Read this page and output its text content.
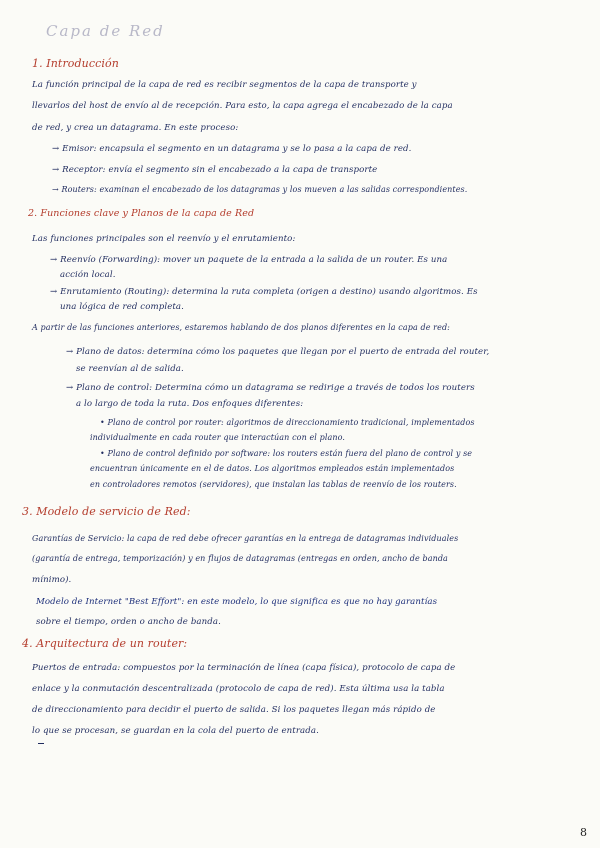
Capa de Red
1. Introducción
La función principal de la capa de red es recibir segmentos de la capa de transporte y
llevarlos del host de envío al de recepción. Para esto, la capa agrega el encabezado de la capa
de red, y crea un datagrama. En este proceso:
→ Emisor: encapsula el segmento en un datagrama y se lo pasa a la capa de red.
→ Receptor: envía el segmento sin el encabezado a la capa de transporte
→ Routers: examinan el encabezado de los datagramas y los mueven a las salidas correspondientes.
2. Funciones clave y Planos de la capa de Red
Las funciones principales son el reenvío y el enrutamiento:
→ Reenvío (Forwarding): mover un paquete de la entrada a la salida de un router. Es una
acción local.
→ Enrutamiento (Routing): determina la ruta completa (origen a destino) usando algoritmos. Es
una lógica de red completa.
A partir de las funciones anteriores, estaremos hablando de dos planos diferentes en la capa de red:
→ Plano de datos: determina cómo los paquetes que llegan por el puerto de entrada del router,
se reenvían al de salida.
→ Plano de control: Determina cómo un datagrama se redirige a través de todos los routers
a lo largo de toda la ruta. Dos enfoques diferentes:
• Plano de control por router: algoritmos de direccionamiento tradicional, implementados
individualmente en cada router que interactúan con el plano.
• Plano de control definido por software: los routers están fuera del plano de control y se
encuentran únicamente en el de datos. Los algoritmos empleados están implementados
en controladores remotos (servidores), que instalan las tablas de reenvío de los routers.
3. Modelo de servicio de Red:
Garantías de Servicio: la capa de red debe ofrecer garantías en la entrega de datagramas individuales
(garantía de entrega, temporización) y en flujos de datagramas (entregas en orden, ancho de banda
mínimo).
Modelo de Internet "Best Effort": en este modelo, lo que significa es que no hay garantías
sobre el tiempo, orden o ancho de banda.
4. Arquitectura de un router:
Puertos de entrada: compuestos por la terminación de línea (capa física), protocolo de capa de
enlace y la conmutación descentralizada (protocolo de capa de red). Esta última usa la tabla
de direccionamiento para decidir el puerto de salida. Si los paquetes llegan más rápido de
lo que se procesan, se guardan en la cola del puerto de entrada.
8
